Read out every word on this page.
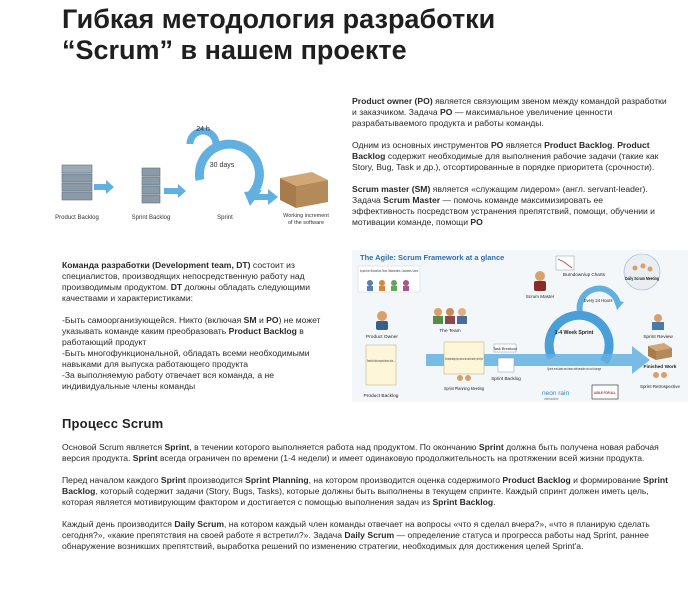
Гибкая методология разработки
“Scrum” в нашем проекте
24 h
30 days
Product Backlog	Sprint Backlog	Sprint	Working increment
of the software

Product owner (PO) является связующим звеном между командой разработки и заказчиком. Задача PO — максимальное увеличение ценности разрабатываемого продукта и работы команды.

Одним из основных инструментов PO является Product Backlog. Product Backlog содержит необходимые для выполнения рабочие задачи (такие как Story, Bug, Task и др.), отсортированные в порядке приоритета (срочности).

Scrum master (SM) является «служащим лидером» (англ. servant-leader). Задача Scrum Master — помочь команде максимизировать ее эффективность посредством устранения препятствий, помощи, обучении и мотивации команде, помощи PO

Команда разработки (Development team, DT) состоит из специалистов, производящих непосредственную работу над производимым продуктом. DT должны обладать следующими качествами и характеристиками:

-Быть самоорганизующейся. Никто (включая SM и PO) не может указывать команде каким преобразовать Product Backlog в работающий продукт
-Быть многофункциональной, обладать всеми необходимыми навыками для выпуска работающего продукта
-За выполняемую работу отвечает вся команда, а не индивидуальные члены команды
The Agile: Scrum Framework at a glance
Inputs from Executives, Team, Stakeholders, Customers, Users
Product Owner
The Team
Scrum Master
Burndown/up Charts
Daily Scrum Meeting
Every 24 Hours
1-4 Week Sprint
Sprint end date and team deliverable do not change
Ranked list of what is required: features, stories, ...
Product Backlog
Team selects starting at top as much as it can commit to deliver by end of Sprint
Task Breakout
Sprint Backlog
Sprint Planning Meeting
Sprint Review
Finished Work
Sprint Retrospective
neon rain
interactive
AGILE FOR ALL
Процесс Scrum

Основой Scrum является Sprint, в течении которого выполняется работа над продуктом. По окончанию Sprint должна быть получена новая рабочая версия продукта. Sprint всегда ограничен по времени (1-4 недели) и имеет одинаковую продолжительность на протяжении всей жизни продукта.

Перед началом каждого Sprint производится Sprint Planning, на котором производится оценка содержимого Product Backlog и формирование Sprint Backlog, который содержит задачи (Story, Bugs, Tasks), которые должны быть выполнены в текущем спринте. Каждый спринт должен иметь цель, которая является мотивирующим фактором и достигается с помощью выполнения задач из Sprint Backlog.

Каждый день производится Daily Scrum, на котором каждый член команды отвечает на вопросы «что я сделал вчера?», «что я планирую сделать сегодня?», «какие препятствия на своей работе я встретил?». Задача Daily Scrum — определение статуса и прогресса работы над Sprint, раннее обнаружение возникших препятствий, выработка решений по изменению стратегии, необходимых для достижения целей Sprint'а.
